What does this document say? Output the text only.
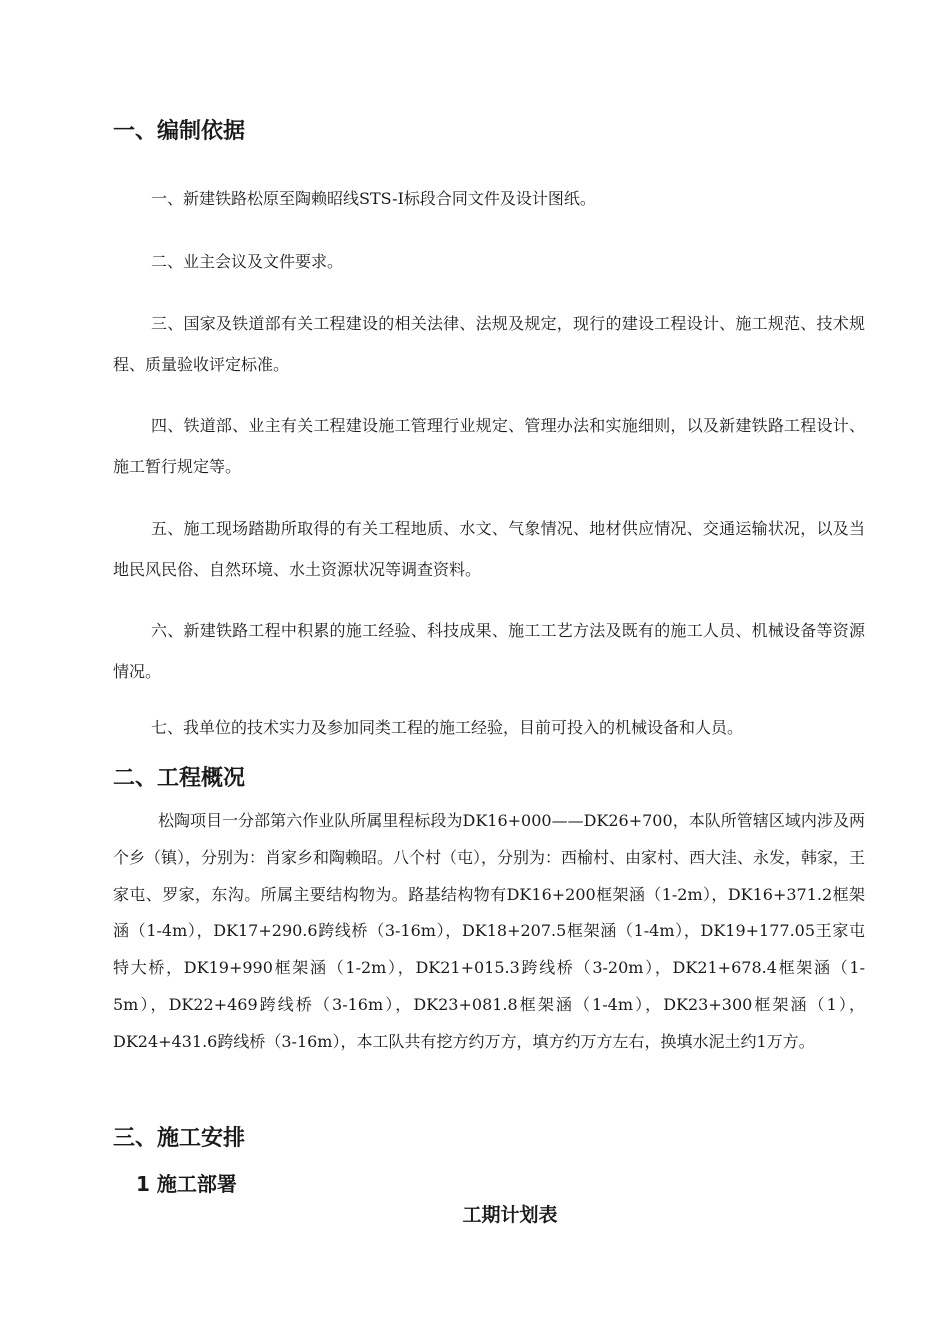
一、编制依据

一、新建铁路松原至陶赖昭线STS-Ⅰ标段合同文件及设计图纸。

二、业主会议及文件要求。

三、国家及铁道部有关工程建设的相关法律、法规及规定，现行的建设工程设计、施工规范、技术规程、质量验收评定标准。

四、铁道部、业主有关工程建设施工管理行业规定、管理办法和实施细则，以及新建铁路工程设计、施工暂行规定等。

五、施工现场踏勘所取得的有关工程地质、水文、气象情况、地材供应情况、交通运输状况，以及当地民风民俗、自然环境、水土资源状况等调查资料。

六、新建铁路工程中积累的施工经验、科技成果、施工工艺方法及既有的施工人员、机械设备等资源情况。

七、我单位的技术实力及参加同类工程的施工经验，目前可投入的机械设备和人员。

二、工程概况

松陶项目一分部第六作业队所属里程标段为DK16+000——DK26+700，本队所管辖区域内涉及两个乡（镇），分别为：肖家乡和陶赖昭。八个村（屯），分别为：西榆村、由家村、西大洼、永发，韩家，王家屯、罗家，东沟。所属主要结构物为。路基结构物有DK16+200框架涵（1-2m），DK16+371.2框架涵（1-4m），DK17+290.6跨线桥（3-16m），DK18+207.5框架涵（1-4m），DK19+177.05王家屯特大桥，DK19+990框架涵（1-2m），DK21+015.3跨线桥（3-20m），DK21+678.4框架涵（1-5m），DK22+469跨线桥（3-16m），DK23+081.8框架涵（1-4m），DK23+300框架涵（1），DK24+431.6跨线桥（3-16m），本工队共有挖方约万方，填方约万方左右，换填水泥土约1万方。

三、施工安排
1 施工部署
工期计划表
